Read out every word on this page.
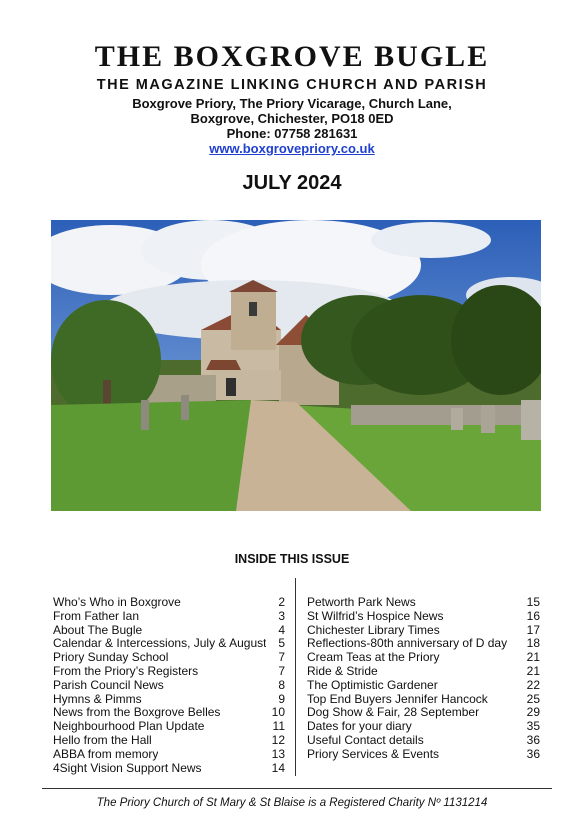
THE BOXGROVE BUGLE
THE MAGAZINE LINKING CHURCH AND PARISH
Boxgrove Priory, The Priory Vicarage, Church Lane,
Boxgrove, Chichester, PO18 0ED
Phone: 07758 281631
www.boxgrovepriory.co.uk
JULY 2024
INSIDE THIS ISSUE
Who’s Who in Boxgrove	2
From Father Ian	3
About The Bugle	4
Calendar & Intercessions, July & August 5
Priory Sunday School	7
From the Priory’s Registers	7
Parish Council News	8
Hymns & Pimms	9
News from the Boxgrove Belles	10
Neighbourhood Plan Update	11
Hello from the Hall	12
ABBA from memory	13
4Sight Vision Support News	14
Petworth Park News	15
St Wilfrid’s Hospice News	16
Chichester Library Times	17
Reflections-80th anniversary of D day	18
Cream Teas at the Priory	21
Ride & Stride	21
The Optimistic Gardener	22
Top End Buyers Jennifer Hancock	25
Dog Show & Fair, 28 September	29
Dates for your diary	35
Useful Contact details	36
Priory Services & Events	36
The Priory Church of St Mary & St Blaise is a Registered Charity Nº 1131214
